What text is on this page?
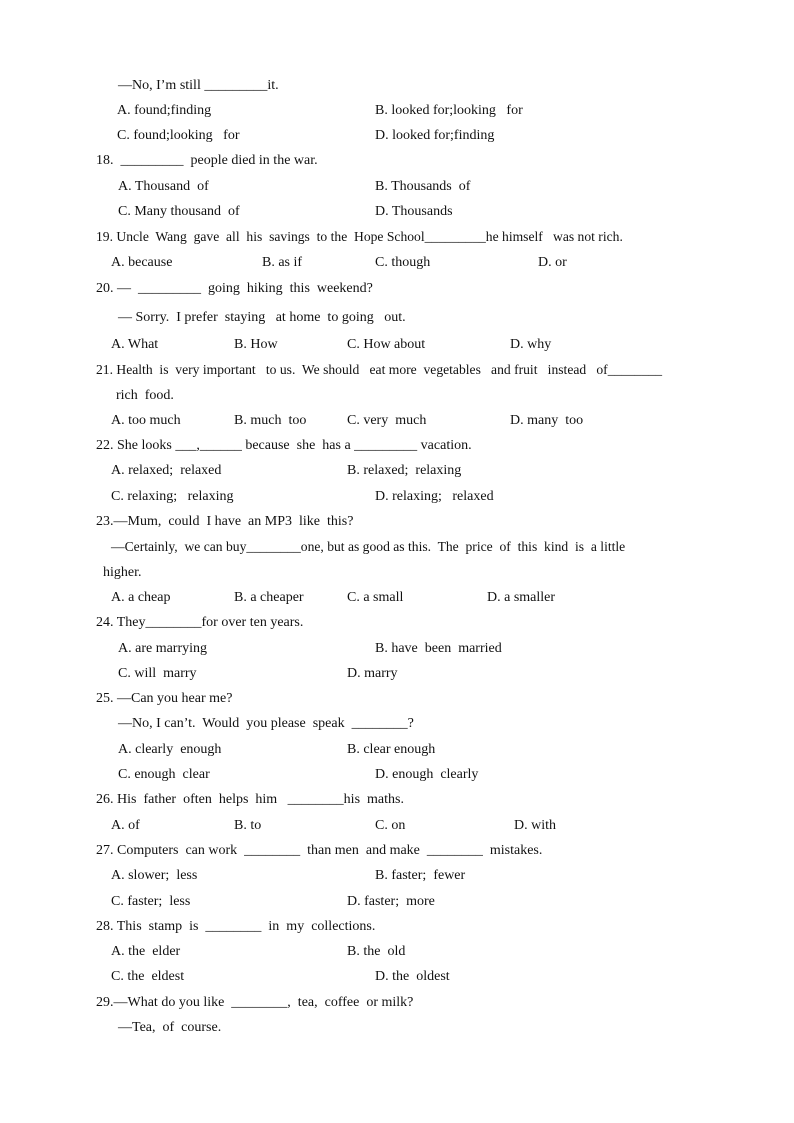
—No, I’m still _________it.

A. found;finding	B. looked for;looking   for

C. found;looking   for	D. looked for;finding

18.  _________  people died in the war.

A. Thousand  of	B. Thousands  of

C. Many thousand  of	D. Thousands

19. Uncle  Wang  gave  all  his  savings  to the  Hope School_________he himself   was not rich.

A. because	B. as if	C. though	D. or

20. —  _________  going  hiking  this  weekend?

— Sorry.  I prefer  staying   at home  to going   out.

A. What	B. How	C. How about	D. why

21. Health  is  very important   to us.  We should   eat more  vegetables   and fruit   instead   of________

rich  food.

A. too much	B. much  too	C. very  much	D. many  too

22. She looks ___,______ because  she  has a _________ vacation.

A. relaxed;  relaxed	B. relaxed;  relaxing

C. relaxing;   relaxing	D. relaxing;   relaxed

23.—Mum,  could  I have  an MP3  like  this?

—Certainly,  we can buy________one, but as good as this.  The  price  of  this  kind  is  a little

higher.

A. a cheap	B. a cheaper	C. a small	D. a smaller

24. They________for over ten years.

A. are marrying	B. have  been  married

C. will  marry	D. marry

25. —Can you hear me?

—No, I can’t.  Would  you please  speak  ________?

A. clearly  enough	B. clear enough

C. enough  clear	D. enough  clearly

26. His  father  often  helps  him   ________his  maths.

A. of	B. to	C. on	D. with

27. Computers  can work  ________  than men  and make  ________  mistakes.

A. slower;  less	B. faster;  fewer

C. faster;  less	D. faster;  more

28. This  stamp  is  ________  in  my  collections.

A. the  elder	B. the  old

C. the  eldest	D. the  oldest

29.—What do you like  ________,  tea,  coffee  or milk?

—Tea,  of  course.
